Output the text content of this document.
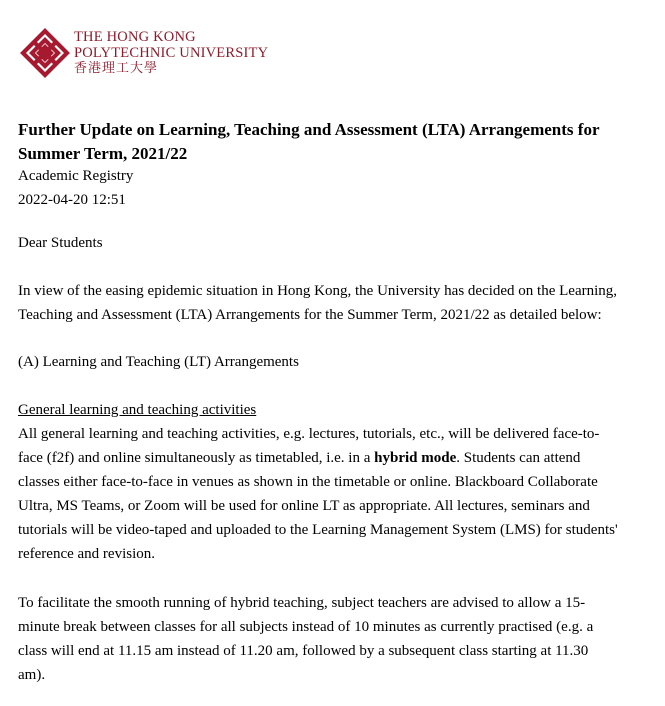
THE HONG KONG
POLYTECHNIC UNIVERSITY
香港理工大學
Further Update on Learning, Teaching and Assessment (LTA) Arrangements for Summer Term, 2021/22
Academic Registry
2022-04-20 12:51
Dear Students
In view of the easing epidemic situation in Hong Kong, the University has decided on the Learning,
Teaching and Assessment (LTA) Arrangements for the Summer Term, 2021/22 as detailed below:
(A) Learning and Teaching (LT) Arrangements
General learning and teaching activities
All general learning and teaching activities, e.g. lectures, tutorials, etc., will be delivered face-to-
face (f2f) and online simultaneously as timetabled, i.e. in a hybrid mode. Students can attend
classes either face-to-face in venues as shown in the timetable or online. Blackboard Collaborate
Ultra, MS Teams, or Zoom will be used for online LT as appropriate. All lectures, seminars and
tutorials will be video-taped and uploaded to the Learning Management System (LMS) for students'
reference and revision.
To facilitate the smooth running of hybrid teaching, subject teachers are advised to allow a 15-
minute break between classes for all subjects instead of 10 minutes as currently practised (e.g. a
class will end at 11.15 am instead of 11.20 am, followed by a subsequent class starting at 11.30
am).
